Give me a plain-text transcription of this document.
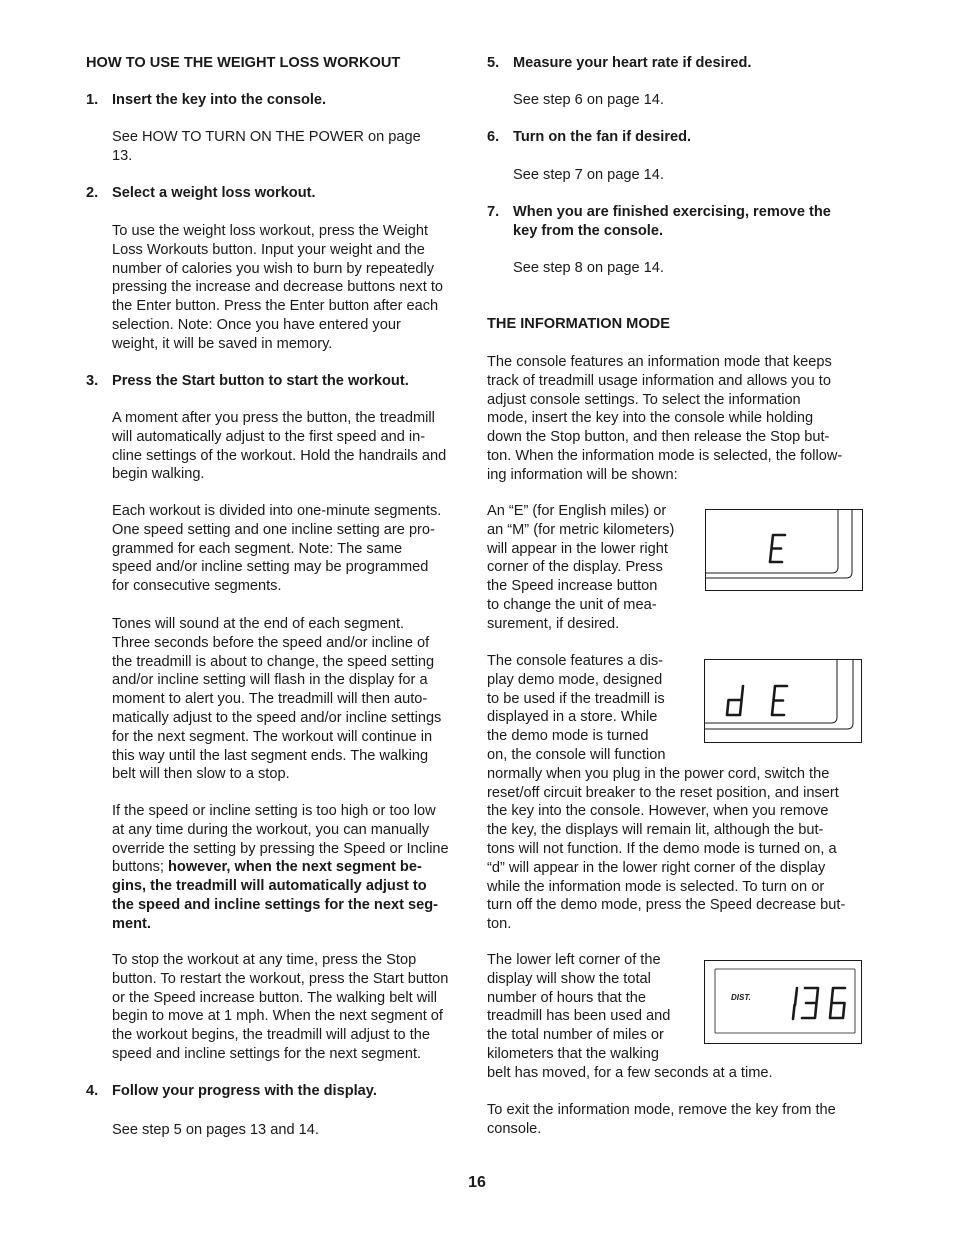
HOW TO USE THE WEIGHT LOSS WORKOUT

1. Insert the key into the console.

See HOW TO TURN ON THE POWER on page
13.

2. Select a weight loss workout.

To use the weight loss workout, press the Weight
Loss Workouts button. Input your weight and the
number of calories you wish to burn by repeatedly
pressing the increase and decrease buttons next to
the Enter button. Press the Enter button after each
selection. Note: Once you have entered your
weight, it will be saved in memory.

3. Press the Start button to start the workout.

A moment after you press the button, the treadmill
will automatically adjust to the first speed and in-
cline settings of the workout. Hold the handrails and
begin walking.
Each workout is divided into one-minute segments.
One speed setting and one incline setting are pro-
grammed for each segment. Note: The same
speed and/or incline setting may be programmed
for consecutive segments.
Tones will sound at the end of each segment.
Three seconds before the speed and/or incline of
the treadmill is about to change, the speed setting
and/or incline setting will flash in the display for a
moment to alert you. The treadmill will then auto-
matically adjust to the speed and/or incline settings
for the next segment. The workout will continue in
this way until the last segment ends. The walking
belt will then slow to a stop.
If the speed or incline setting is too high or too low
at any time during the workout, you can manually
override the setting by pressing the Speed or Incline
buttons; however, when the next segment be-
gins, the treadmill will automatically adjust to
the speed and incline settings for the next seg-
ment.
To stop the workout at any time, press the Stop
button. To restart the workout, press the Start button
or the Speed increase button. The walking belt will
begin to move at 1 mph. When the next segment of
the workout begins, the treadmill will adjust to the
speed and incline settings for the next segment.

4. Follow your progress with the display.

See step 5 on pages 13 and 14.

5. Measure your heart rate if desired.

See step 6 on page 14.

6. Turn on the fan if desired.

See step 7 on page 14.

7. When you are finished exercising, remove the
key from the console.
See step 8 on page 14.

THE INFORMATION MODE

The console features an information mode that keeps
track of treadmill usage information and allows you to
adjust console settings. To select the information
mode, insert the key into the console while holding
down the Stop button, and then release the Stop but-
ton. When the information mode is selected, the follow-
ing information will be shown:
An “E” (for English miles) or
an “M” (for metric kilometers)
will appear in the lower right
corner of the display. Press
the Speed increase button
to change the unit of mea-
surement, if desired.
The console features a dis-
play demo mode, designed
to be used if the treadmill is
displayed in a store. While
the demo mode is turned
on, the console will function
normally when you plug in the power cord, switch the
reset/off circuit breaker to the reset position, and insert
the key into the console. However, when you remove
the key, the displays will remain lit, although the but-
tons will not function. If the demo mode is turned on, a
“d” will appear in the lower right corner of the display
while the information mode is selected. To turn on or
turn off the demo mode, press the Speed decrease but-
ton.
The lower left corner of the
display will show the total
number of hours that the
treadmill has been used and
the total number of miles or
kilometers that the walking
belt has moved, for a few seconds at a time.
To exit the information mode, remove the key from the
console.
DIST.
16
